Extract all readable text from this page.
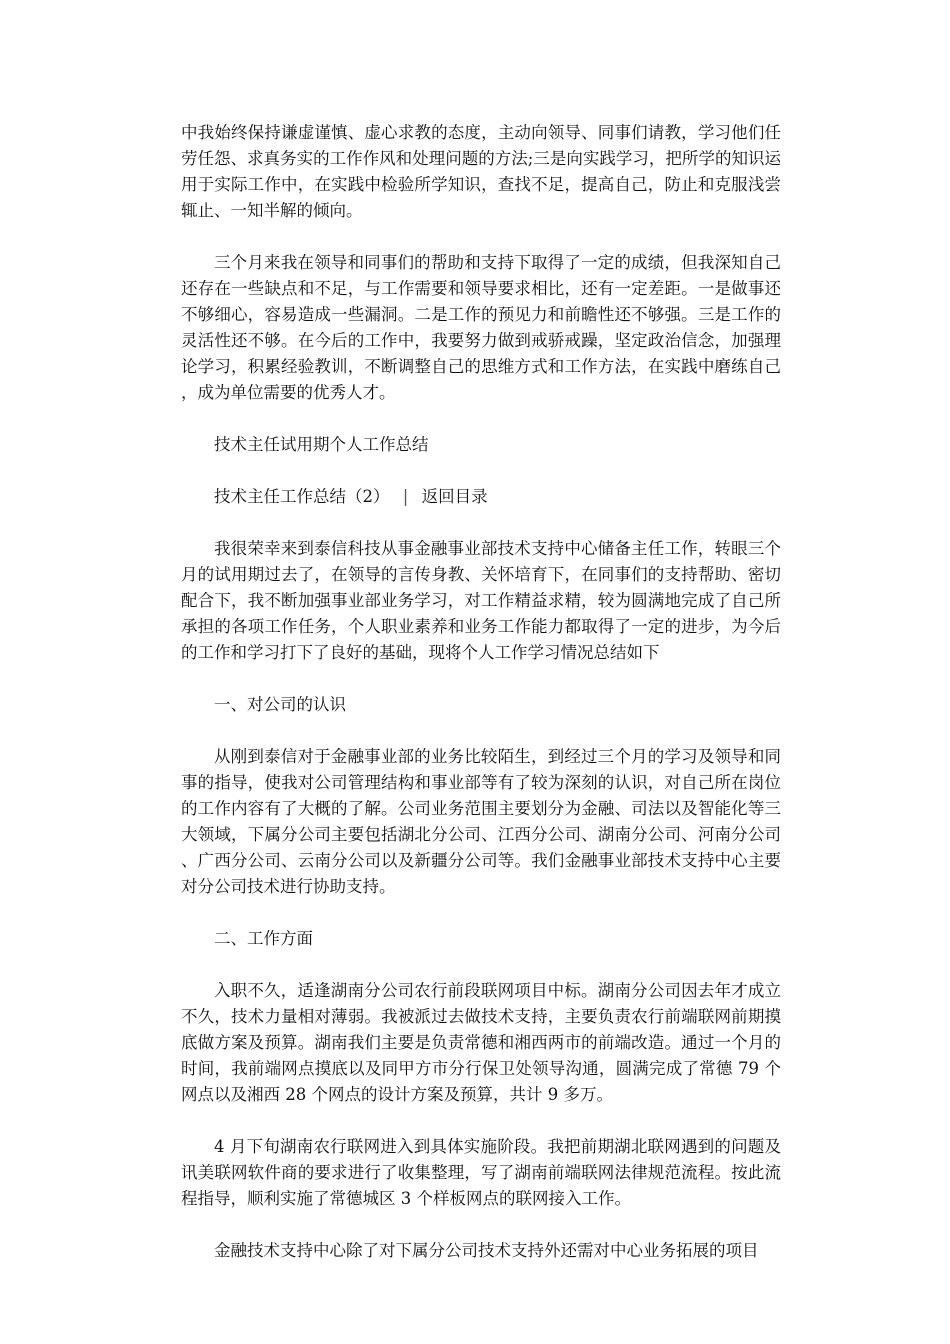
中我始终保持谦虚谨慎、虚心求教的态度，主动向领导、同事们请教，学习他们任劳任怨、求真务实的工作作风和处理问题的方法;三是向实践学习，把所学的知识运用于实际工作中，在实践中检验所学知识，查找不足，提高自己，防止和克服浅尝辄止、一知半解的倾向。

三个月来我在领导和同事们的帮助和支持下取得了一定的成绩，但我深知自己还存在一些缺点和不足，与工作需要和领导要求相比，还有一定差距。一是做事还不够细心，容易造成一些漏洞。二是工作的预见力和前瞻性还不够强。三是工作的灵活性还不够。在今后的工作中，我要努力做到戒骄戒躁，坚定政治信念，加强理论学习，积累经验教训，不断调整自己的思维方式和工作方法，在实践中磨练自己，成为单位需要的优秀人才。

技术主任试用期个人工作总结

技术主任工作总结（2） | 返回目录

我很荣幸来到泰信科技从事金融事业部技术支持中心储备主任工作，转眼三个月的试用期过去了，在领导的言传身教、关怀培育下，在同事们的支持帮助、密切配合下，我不断加强事业部业务学习，对工作精益求精，较为圆满地完成了自己所承担的各项工作任务，个人职业素养和业务工作能力都取得了一定的进步，为今后的工作和学习打下了良好的基础，现将个人工作学习情况总结如下

一、对公司的认识

从刚到泰信对于金融事业部的业务比较陌生，到经过三个月的学习及领导和同事的指导，使我对公司管理结构和事业部等有了较为深刻的认识，对自己所在岗位的工作内容有了大概的了解。公司业务范围主要划分为金融、司法以及智能化等三大领域，下属分公司主要包括湖北分公司、江西分公司、湖南分公司、河南分公司、广西分公司、云南分公司以及新疆分公司等。我们金融事业部技术支持中心主要对分公司技术进行协助支持。

二、工作方面

入职不久，适逢湖南分公司农行前段联网项目中标。湖南分公司因去年才成立不久，技术力量相对薄弱。我被派过去做技术支持，主要负责农行前端联网前期摸底做方案及预算。湖南我们主要是负责常德和湘西两市的前端改造。通过一个月的时间，我前端网点摸底以及同甲方市分行保卫处领导沟通，圆满完成了常德 79 个网点以及湘西 28 个网点的设计方案及预算，共计 9 多万。

4 月下旬湖南农行联网进入到具体实施阶段。我把前期湖北联网遇到的问题及讯美联网软件商的要求进行了收集整理，写了湖南前端联网法律规范流程。按此流程指导，顺利实施了常德城区 3 个样板网点的联网接入工作。

金融技术支持中心除了对下属分公司技术支持外还需对中心业务拓展的项目
